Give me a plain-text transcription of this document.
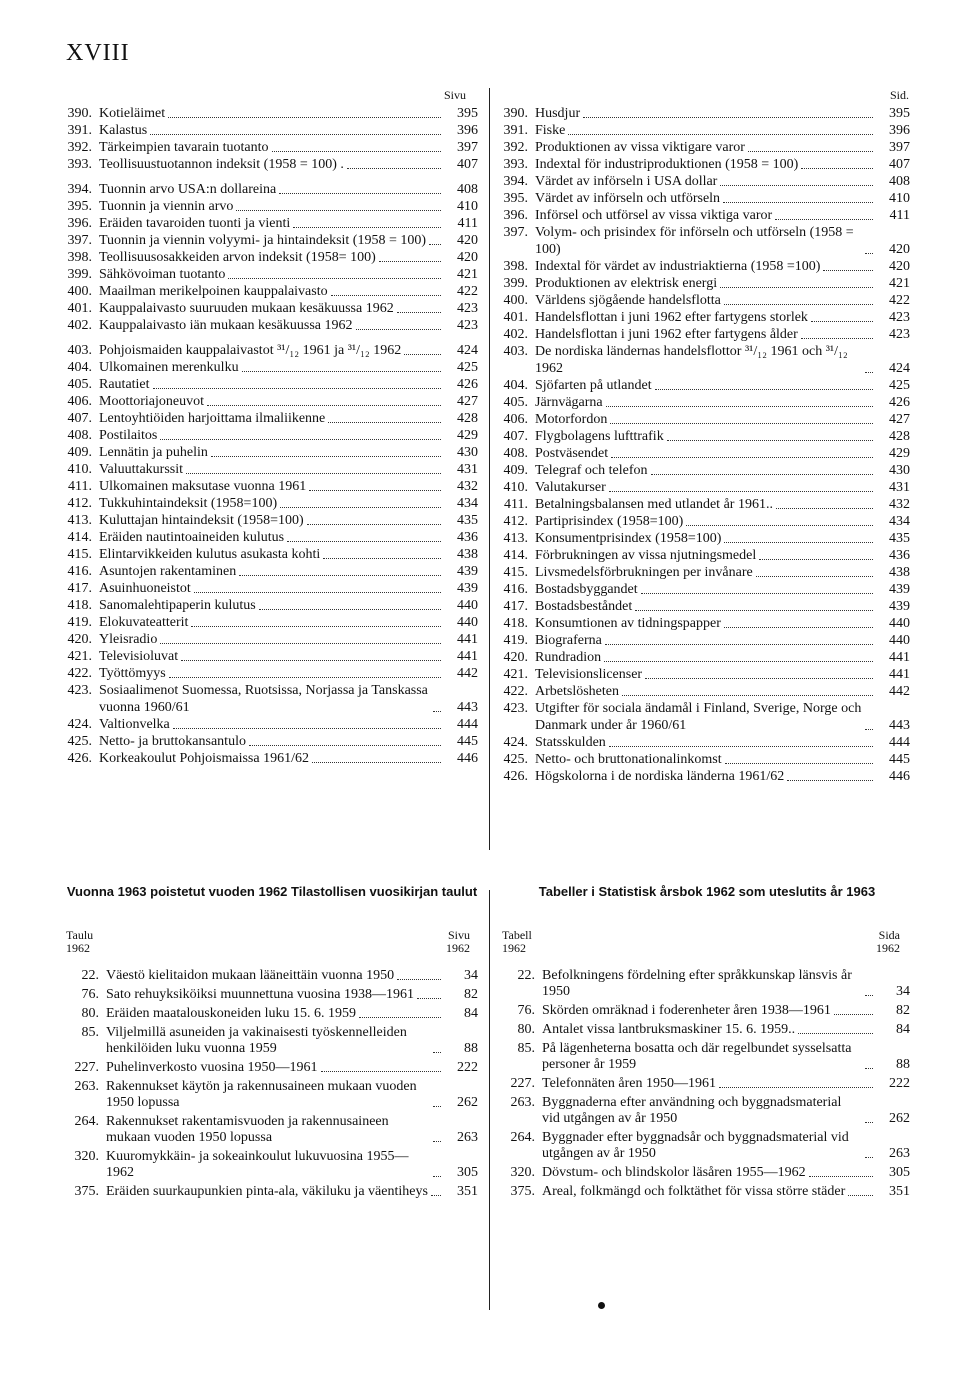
XVIII
Sivu	Sid.
390. Kotieläimet	395
391. Kalastus	396
392. Tärkeimpien tavarain tuotanto	397
393. Teollisuustuotannon indeksit (1958 = 100) .	407
394. Tuonnin arvo USA:n dollareina	408
395. Tuonnin ja viennin arvo	410
396. Eräiden tavaroiden tuonti ja vienti	411
397. Tuonnin ja viennin volyymi- ja hintaindeksit (1958 = 100)	420
398. Teollisuusosakkeiden arvon indeksit (1958= 100)	420
399. Sähkövoiman tuotanto	421
400. Maailman merikelpoinen kauppalaivasto	422
401. Kauppalaivasto suuruuden mukaan kesäkuussa 1962	423
402. Kauppalaivasto iän mukaan kesäkuussa 1962	423
403. Pohjoismaiden kauppalaivastot ³¹/₁₂ 1961 ja ³¹/₁₂ 1962	424
404. Ulkomainen merenkulku	425
405. Rautatiet	426
406. Moottoriajoneuvot	427
407. Lentoyhtiöiden harjoittama ilmaliikenne	428
408. Postilaitos	429
409. Lennätin ja puhelin	430
410. Valuuttakurssit	431
411. Ulkomainen maksutase vuonna 1961	432
412. Tukkuhintaindeksit (1958=100)	434
413. Kuluttajan hintaindeksit (1958=100)	435
414. Eräiden nautintoaineiden kulutus	436
415. Elintarvikkeiden kulutus asukasta kohti	438
416. Asuntojen rakentaminen	439
417. Asuinhuoneistot	439
418. Sanomalehtipaperin kulutus	440
419. Elokuvateatterit	440
420. Yleisradio	441
421. Televisioluvat	441
422. Työttömyys	442
423. Sosiaalimenot Suomessa, Ruotsissa, Norjassa ja Tanskassa vuonna 1960/61	443
424. Valtionvelka	444
425. Netto- ja bruttokansantulo	445
426. Korkeakoulut Pohjoismaissa 1961/62	446
390. Husdjur	395
391. Fiske	396
392. Produktionen av vissa viktigare varor	397
393. Indextal för industriproduktionen (1958 = 100)	407
394. Värdet av införseln i USA dollar	408
395. Värdet av införseln och utförseln	410
396. Införsel och utförsel av vissa viktiga varor	411
397. Volym- och prisindex för införseln och utförseln (1958 = 100)	420
398. Indextal för värdet av industriaktierna (1958 =100)	420
399. Produktionen av elektrisk energi	421
400. Världens sjögående handelsflotta	422
401. Handelsflottan i juni 1962 efter fartygens storlek	423
402. Handelsflottan i juni 1962 efter fartygens ålder	423
403. De nordiska ländernas handelsflottor ³¹/₁₂ 1961 och ³¹/₁₂ 1962	424
404. Sjöfarten på utlandet	425
405. Järnvägarna	426
406. Motorfordon	427
407. Flygbolagens lufttrafik	428
408. Postväsendet	429
409. Telegraf och telefon	430
410. Valutakurser	431
411. Betalningsbalansen med utlandet år 1961..	432
412. Partiprisindex (1958=100)	434
413. Konsumentprisindex (1958=100)	435
414. Förbrukningen av vissa njutningsmedel	436
415. Livsmedelsförbrukningen per invånare	438
416. Bostadsbyggandet	439
417. Bostadsbeståndet	439
418. Konsumtionen av tidningspapper	440
419. Biograferna	440
420. Rundradion	441
421. Televisionslicenser	441
422. Arbetslösheten	442
423. Utgifter för sociala ändamål i Finland, Sverige, Norge och Danmark under år 1960/61	443
424. Statsskulden	444
425. Netto- och bruttonationalinkomst	445
426. Högskolorna i de nordiska länderna 1961/62	446
Vuonna 1963 poistetut vuoden 1962 Tilastollisen vuosikirjan taulut	Tabeller i Statistisk årsbok 1962 som uteslutits år 1963
Taulu
1962
Sivu
1962
Tabell
1962
Sida
1962
22. Väestö kielitaidon mukaan lääneittäin vuonna 1950	34
76. Sato rehuyksiköiksi muunnettuna vuosina 1938—1961	82
80. Eräiden maatalouskoneiden luku 15. 6. 1959	84
85. Viljelmillä asuneiden ja vakinaisesti työskennelleiden henkilöiden luku vuonna 1959	88
227. Puhelinverkosto vuosina 1950—1961	222
263. Rakennukset käytön ja rakennusaineen mukaan vuoden 1950 lopussa	262
264. Rakennukset rakentamisvuoden ja rakennusaineen mukaan vuoden 1950 lopussa	263
320. Kuuromykkäin- ja sokeainkoulut lukuvuosina 1955—1962	305
375. Eräiden suurkaupunkien pinta-ala, väkiluku ja väentiheys	351
22. Befolkningens fördelning efter språkkunskap länsvis år 1950	34
76. Skörden omräknad i foderenheter åren 1938—1961	82
80. Antalet vissa lantbruksmaskiner 15. 6. 1959..	84
85. På lägenheterna bosatta och där regelbundet sysselsatta personer år 1959	88
227. Telefonnäten åren 1950—1961	222
263. Byggnaderna efter användning och byggnadsmaterial vid utgången av år 1950	262
264. Byggnader efter byggnadsår och byggnadsmaterial vid utgången av år 1950	263
320. Dövstum- och blindskolor läsåren 1955—1962	305
375. Areal, folkmängd och folktäthet för vissa större städer	351
